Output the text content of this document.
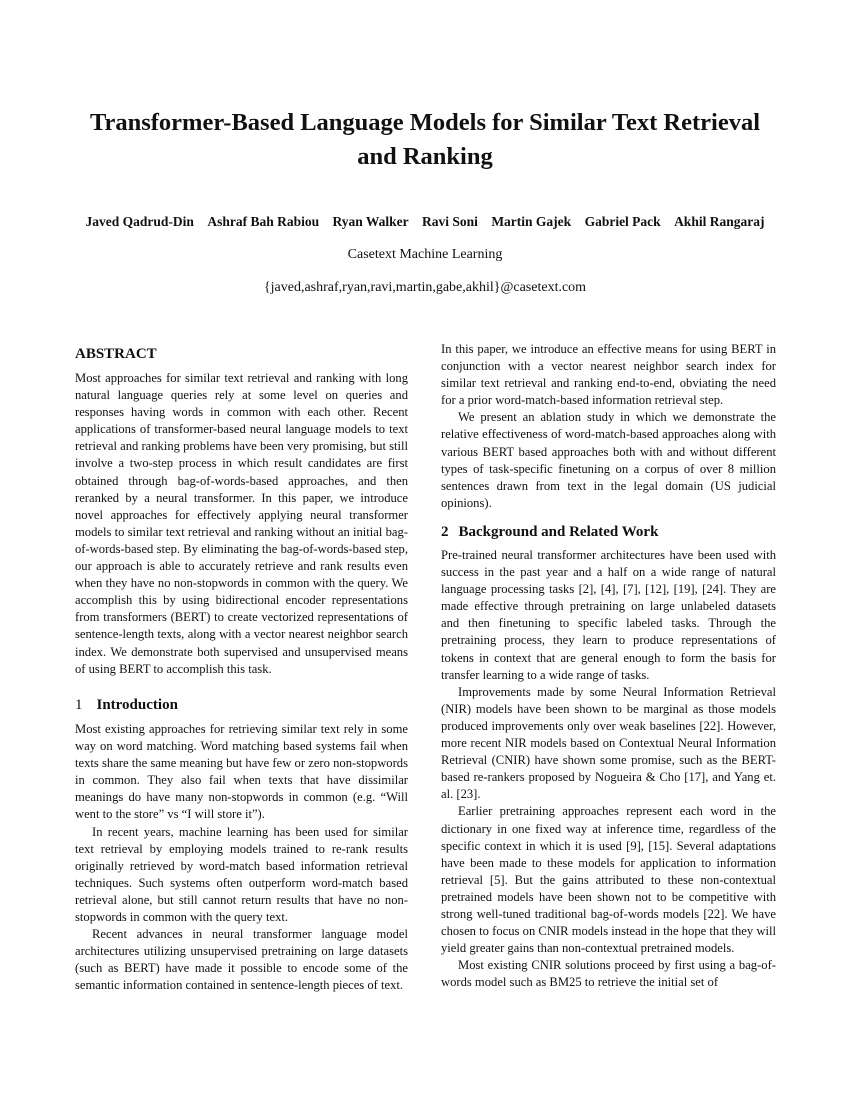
Transformer-Based Language Models for Similar Text Retrieval
and Ranking
Javed Qadrud-Din Ashraf Bah Rabiou Ryan Walker Ravi Soni Martin Gajek Gabriel Pack Akhil Rangaraj
Casetext Machine Learning
{javed,ashraf,ryan,ravi,martin,gabe,akhil}@casetext.com
ABSTRACT

Most approaches for similar text retrieval and ranking with long natural language queries rely at some level on queries and responses having words in common with each other. Recent applications of transformer-based neural language models to text retrieval and ranking problems have been very promising, but still involve a two-step process in which result candidates are first obtained through bag-of-words-based approaches, and then reranked by a neural transformer. In this paper, we introduce novel approaches for effectively applying neural transformer models to similar text retrieval and ranking without an initial bag-of-words-based step. By eliminating the bag-of-words-based step, our approach is able to accurately retrieve and rank results even when they have no non-stopwords in common with the query. We accomplish this by using bidirectional encoder representations from transformers (BERT) to create vectorized representations of sentence-length texts, along with a vector nearest neighbor search index. We demonstrate both supervised and unsupervised means of using BERT to accomplish this task.

1 Introduction

Most existing approaches for retrieving similar text rely in some way on word matching. Word matching based systems fail when texts share the same meaning but have few or zero non-stopwords in common. They also fail when texts that have dissimilar meanings do have many non-stopwords in common (e.g. “Will went to the store” vs “I will store it”).

In recent years, machine learning has been used for similar text retrieval by employing models trained to re-rank results originally retrieved by word-match based information retrieval techniques. Such systems often outperform word-match based retrieval alone, but still cannot return results that have no non-stopwords in common with the query text.

Recent advances in neural transformer language model architectures utilizing unsupervised pretraining on large datasets (such as BERT) have made it possible to encode some of the semantic information contained in sentence-length pieces of text.

In this paper, we introduce an effective means for using BERT in conjunction with a vector nearest neighbor search index for similar text retrieval and ranking end-to-end, obviating the need for a prior word-match-based information retrieval step.

We present an ablation study in which we demonstrate the relative effectiveness of word-match-based approaches along with various BERT based approaches both with and without different types of task-specific finetuning on a corpus of over 8 million sentences drawn from text in the legal domain (US judicial opinions).

2 Background and Related Work

Pre-trained neural transformer architectures have been used with success in the past year and a half on a wide range of natural language processing tasks [2], [4], [7], [12], [19], [24]. They are made effective through pretraining on large unlabeled datasets and then finetuning to specific labeled tasks. Through the pretraining process, they learn to produce representations of tokens in context that are general enough to form the basis for transfer learning to a wide range of tasks.

Improvements made by some Neural Information Retrieval (NIR) models have been shown to be marginal as those models produced improvements only over weak baselines [22]. However, more recent NIR models based on Contextual Neural Information Retrieval (CNIR) have shown some promise, such as the BERT-based re-rankers proposed by Nogueira & Cho [17], and Yang et. al. [23].

Earlier pretraining approaches represent each word in the dictionary in one fixed way at inference time, regardless of the specific context in which it is used [9], [15]. Several adaptations have been made to these models for application to information retrieval [5]. But the gains attributed to these non-contextual pretrained models have been shown not to be competitive with strong well-tuned traditional bag-of-words models [22]. We have chosen to focus on CNIR models instead in the hope that they will yield greater gains than non-contextual pretrained models.

Most existing CNIR solutions proceed by first using a bag-of-words model such as BM25 to retrieve the initial set of
